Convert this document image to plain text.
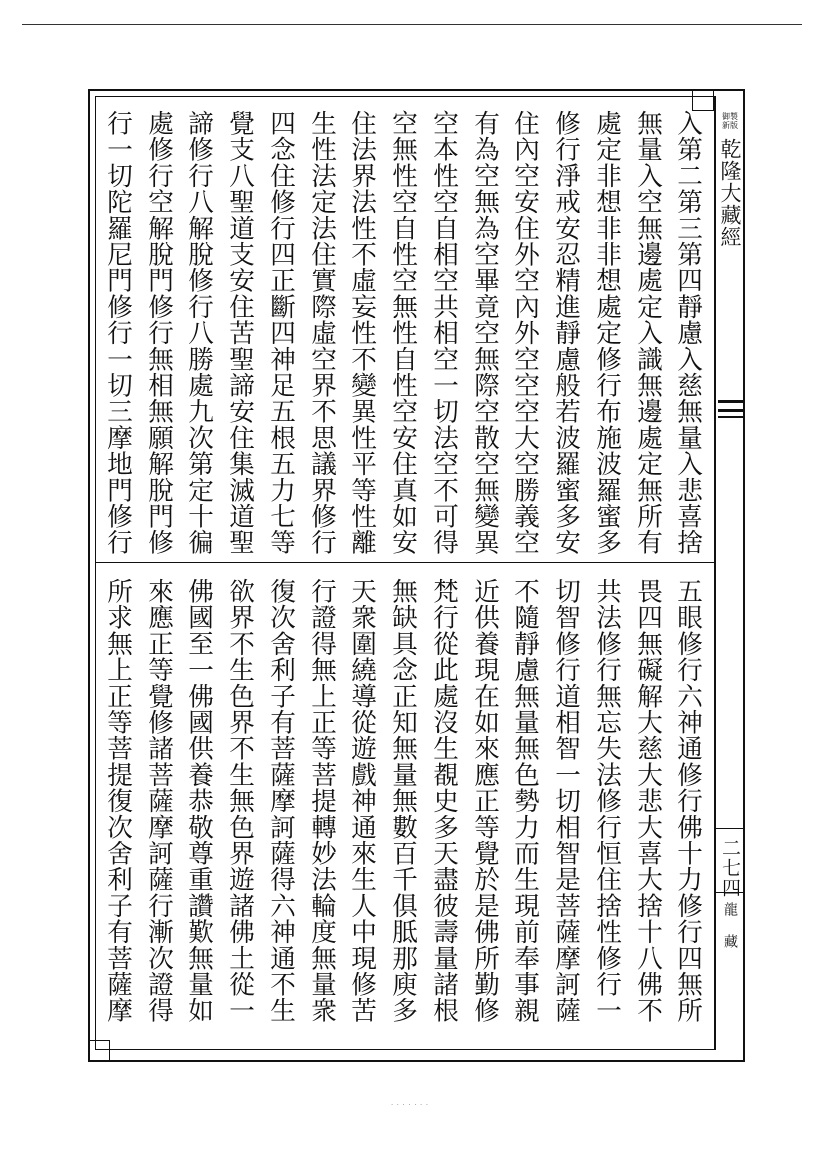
御製
新版
乾隆大藏經
二七四
龍藏
入第二第三第四靜慮入慈無量入悲喜捨
無量入空無邊處定入識無邊處定無所有
處定非想非非想處定修行布施波羅蜜多
修行淨戒安忍精進靜慮般若波羅蜜多安
住內空安住外空內外空空空大空勝義空
有為空無為空畢竟空無際空散空無變異
空本性空自相空共相空一切法空不可得
空無性空自性空無性自性空安住真如安
住法界法性不虛妄性不變異性平等性離
生性法定法住實際虛空界不思議界修行
四念住修行四正斷四神足五根五力七等
覺支八聖道支安住苦聖諦安住集滅道聖
諦修行八解脫修行八勝處九次第定十徧
處修行空解脫門修行無相無願解脫門修
行一切陀羅尼門修行一切三摩地門修行
五眼修行六神通修行佛十力修行四無所
畏四無礙解大慈大悲大喜大捨十八佛不
共法修行無忘失法修行恒住捨性修行一
切智修行道相智一切相智是菩薩摩訶薩
不隨靜慮無量無色勢力而生現前奉事親
近供養現在如來應正等覺於是佛所勤修
梵行從此處沒生覩史多天盡彼壽量諸根
無缺具念正知無量無數百千俱胝那庾多
天衆圍繞導從遊戲神通來生人中現修苦
行證得無上正等菩提轉妙法輪度無量衆
復次舍利子有菩薩摩訶薩得六神通不生
欲界不生色界不生無色界遊諸佛土從一
佛國至一佛國供養恭敬尊重讚歎無量如
來應正等覺修諸菩薩摩訶薩行漸次證得
所求無上正等菩提復次舍利子有菩薩摩
· · · · · · ·
